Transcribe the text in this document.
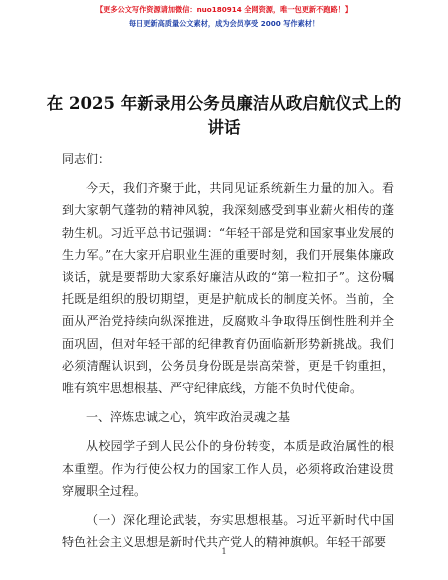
【更多公文写作资源请加微信：nuo180914 全网资源，唯一包更新不跑路！】
每日更新高质量公文素材，成为会员享受 2000 写作素材！
在 2025 年新录用公务员廉洁从政启航仪式上的讲话

同志们：

今天，我们齐聚于此，共同见证系统新生力量的加入。看到大家朝气蓬勃的精神风貌，我深刻感受到事业薪火相传的蓬勃生机。习近平总书记强调：“年轻干部是党和国家事业发展的生力军。”在大家开启职业生涯的重要时刻，我们开展集体廉政谈话，就是要帮助大家系好廉洁从政的“第一粒扣子”。这份嘱托既是组织的殷切期望，更是护航成长的制度关怀。当前，全面从严治党持续向纵深推进，反腐败斗争取得压倒性胜利并全面巩固，但对年轻干部的纪律教育仍面临新形势新挑战。我们必须清醒认识到，公务员身份既是崇高荣誉，更是千钧重担，唯有筑牢思想根基、严守纪律底线，方能不负时代使命。

一、淬炼忠诚之心，筑牢政治灵魂之基

从校园学子到人民公仆的身份转变，本质是政治属性的根本重塑。作为行使公权力的国家工作人员，必须将政治建设贯穿履职全过程。

（一）深化理论武装，夯实思想根基。习近平新时代中国特色社会主义思想是新时代共产党人的精神旗帜。年轻干部要

1
